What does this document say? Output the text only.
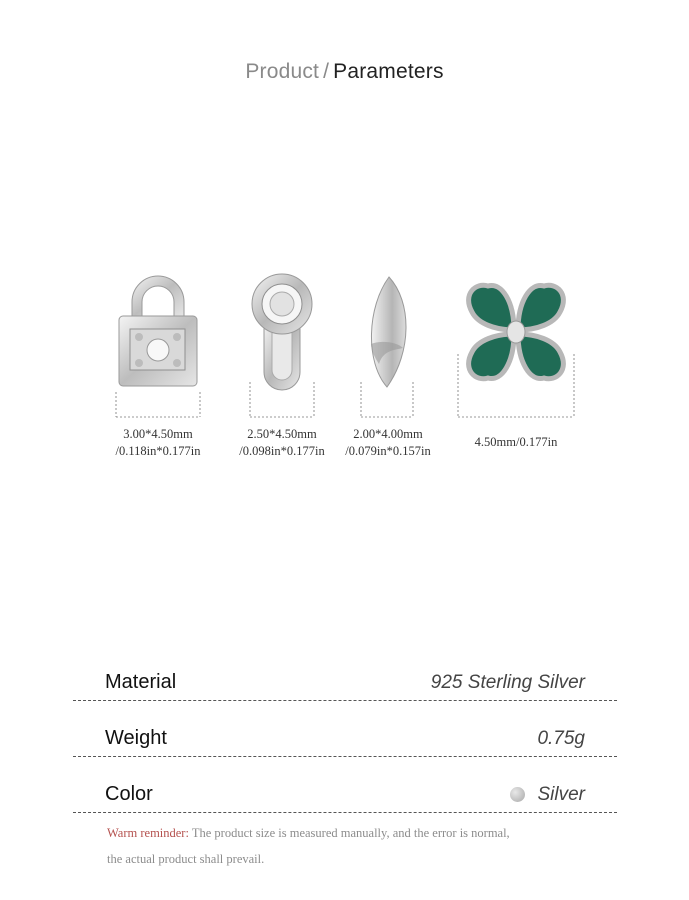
Product / Parameters
3.00*4.50mm
/0.118in*0.177in
2.50*4.50mm
/0.098in*0.177in
2.00*4.00mm
/0.079in*0.157in
4.50mm/0.177in
Material	925 Sterling Silver
Weight	0.75g
Color	Silver
Warm reminder: The product size is measured manually, and the error is normal,
the actual product shall prevail.
